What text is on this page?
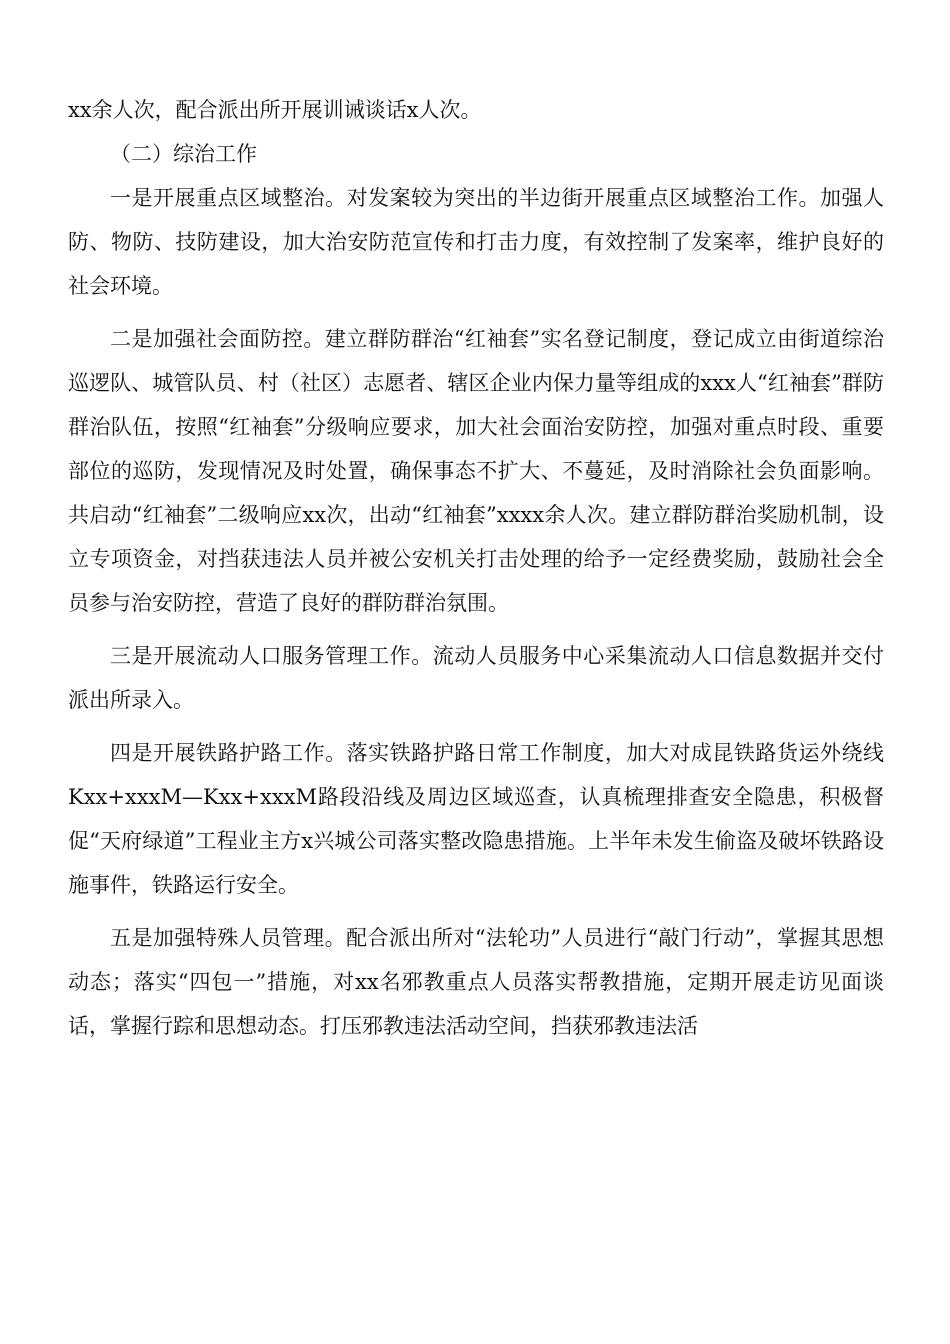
xx余人次，配合派出所开展训诫谈话x人次。

（二）综治工作

一是开展重点区域整治。对发案较为突出的半边街开展重点区域整治工作。加强人防、物防、技防建设，加大治安防范宣传和打击力度，有效控制了发案率，维护良好的社会环境。

二是加强社会面防控。建立群防群治“红袖套”实名登记制度，登记成立由街道综治巡逻队、城管队员、村（社区）志愿者、辖区企业内保力量等组成的xxx人“红袖套”群防群治队伍，按照“红袖套”分级响应要求，加大社会面治安防控，加强对重点时段、重要部位的巡防，发现情况及时处置，确保事态不扩大、不蔓延，及时消除社会负面影响。共启动“红袖套”二级响应xx次，出动“红袖套”xxxx余人次。建立群防群治奖励机制，设立专项资金，对挡获违法人员并被公安机关打击处理的给予一定经费奖励，鼓励社会全员参与治安防控，营造了良好的群防群治氛围。

三是开展流动人口服务管理工作。流动人员服务中心采集流动人口信息数据并交付派出所录入。

四是开展铁路护路工作。落实铁路护路日常工作制度，加大对成昆铁路货运外绕线Kxx+xxxM—Kxx+xxxM路段沿线及周边区域巡查，认真梳理排查安全隐患，积极督促“天府绿道”工程业主方x兴城公司落实整改隐患措施。上半年未发生偷盗及破坏铁路设施事件，铁路运行安全。

五是加强特殊人员管理。配合派出所对“法轮功”人员进行“敲门行动”，掌握其思想动态；落实“四包一”措施，对xx名邪教重点人员落实帮教措施，定期开展走访见面谈话，掌握行踪和思想动态。打压邪教违法活动空间，挡获邪教违法活
